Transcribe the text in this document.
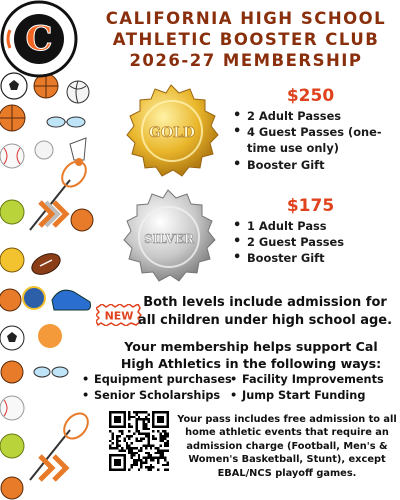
C
CALIFORNIA HIGH SCHOOL
ATHLETIC BOOSTER CLUB
2026-27 MEMBERSHIP
GOLD
$250
• 2 Adult Passes
• 4 Guest Passes (one-time use only)
• Booster Gift
SILVER
$175
• 1 Adult Pass
• 2 Guest Passes
• Booster Gift
NEW
Both levels include admission for all children under high school age.
Your membership helps support Cal High Athletics in the following ways:
• Equipment purchases • Facility Improvements
• Senior Scholarships	• Jump Start Funding
Your pass includes free admission to all home athletic events that require an admission charge (Football, Men's & Women's Basketball, Stunt), except EBAL/NCS playoff games.
